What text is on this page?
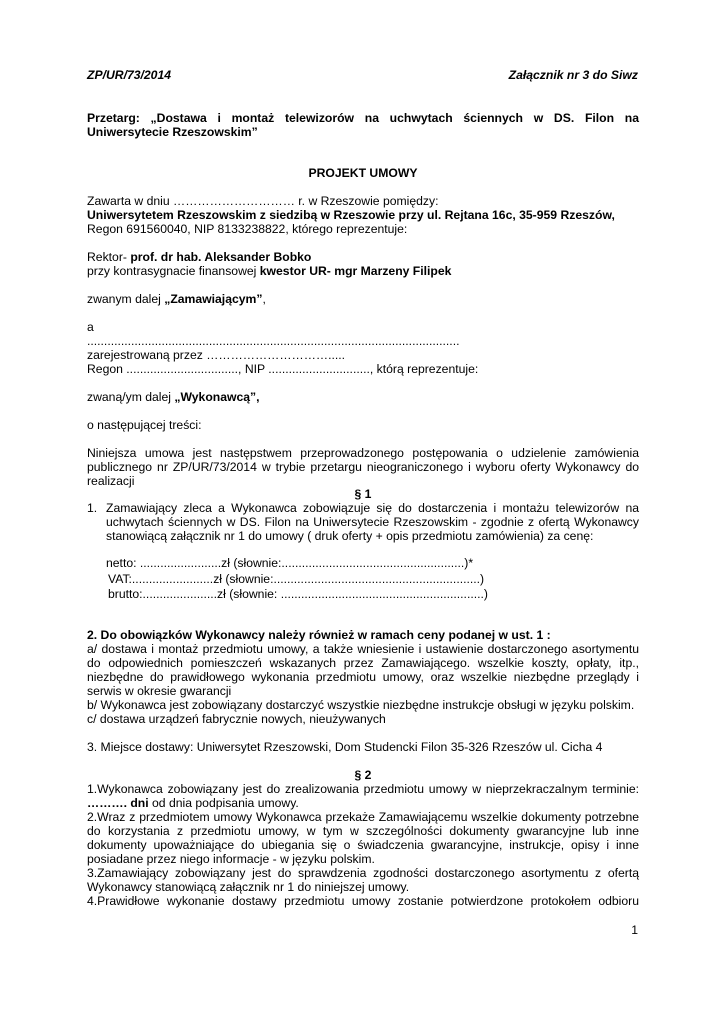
ZP/UR/73/2014	Załącznik nr 3 do Siwz
Przetarg: „Dostawa i montaż telewizorów na uchwytach ściennych w DS. Filon na
Uniwersytecie Rzeszowskim”
PROJEKT UMOWY
Zawarta w dniu ………………………… r. w Rzeszowie pomiędzy:
Uniwersytetem Rzeszowskim z siedzibą w Rzeszowie przy ul. Rejtana 16c, 35-959 Rzeszów,
Regon 691560040, NIP 8133238822, którego reprezentuje:
Rektor- prof. dr hab. Aleksander Bobko
przy kontrasygnacie finansowej kwestor UR- mgr Marzeny Filipek
zwanym dalej „Zamawiającym”,
a
..............................................................................................................
zarejestrowaną przez ………………………….....
Regon ................................., NIP .............................., którą reprezentuje:
zwaną/ym dalej „Wykonawcą”,
o następującej treści:
Niniejsza umowa jest następstwem przeprowadzonego postępowania o udzielenie zamówienia
publicznego nr ZP/UR/73/2014 w trybie przetargu nieograniczonego i wyboru oferty Wykonawcy do
realizacji
§ 1
1. Zamawiający zleca a Wykonawca zobowiązuje się do dostarczenia i montażu telewizorów na
uchwytach ściennych w DS. Filon na Uniwersytecie Rzeszowskim - zgodnie z ofertą Wykonawcy
stanowiącą załącznik nr 1 do umowy ( druk oferty + opis przedmiotu zamówienia) za cenę:
netto: ........................zł (słownie:......................................................)*
VAT:........................zł (słownie:.............................................................)
brutto:......................zł (słownie: ............................................................)
2. Do obowiązków Wykonawcy należy również w ramach ceny podanej w ust. 1 :
a/ dostawa i montaż przedmiotu umowy, a także wniesienie i ustawienie dostarczonego asortymentu
do odpowiednich pomieszczeń wskazanych przez Zamawiającego. wszelkie koszty, opłaty, itp.,
niezbędne do prawidłowego wykonania przedmiotu umowy, oraz wszelkie niezbędne przeglądy i
serwis w okresie gwarancji
b/ Wykonawca jest zobowiązany dostarczyć wszystkie niezbędne instrukcje obsługi w języku polskim.
c/ dostawa urządzeń fabrycznie nowych, nieużywanych
3. Miejsce dostawy: Uniwersytet Rzeszowski, Dom Studencki Filon 35-326 Rzeszów ul. Cicha 4
§ 2
1.Wykonawca zobowiązany jest do zrealizowania przedmiotu umowy w nieprzekraczalnym terminie:
………. dni od dnia podpisania umowy.
2.Wraz z przedmiotem umowy Wykonawca przekaże Zamawiającemu wszelkie dokumenty potrzebne
do korzystania z przedmiotu umowy, w tym w szczególności dokumenty gwarancyjne lub inne
dokumenty upoważniające do ubiegania się o świadczenia gwarancyjne, instrukcje, opisy i inne
posiadane przez niego informacje - w języku polskim.
3.Zamawiający zobowiązany jest do sprawdzenia zgodności dostarczonego asortymentu z ofertą
Wykonawcy stanowiącą załącznik nr 1 do niniejszej umowy.
4.Prawidłowe wykonanie dostawy przedmiotu umowy zostanie potwierdzone protokołem odbioru
1
